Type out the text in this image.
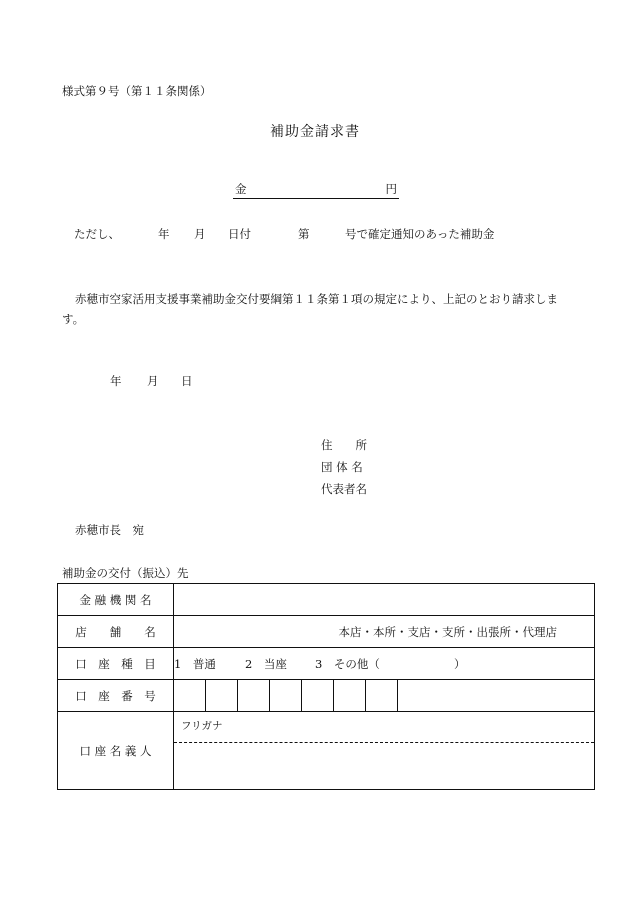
様式第９号（第１１条関係）
補助金請求書
金	円
ただし、	年 月 日付	第	号で確定通知のあった補助金
赤穂市空家活用支援事業補助金交付要綱第１１条第１項の規定により、上記のとおり請求します。
年 月 日
住　　所
団 体 名
代表者名
赤穂市長　宛
補助金の交付（振込）先
金 融 機 関 名	
店　　舗　　名	本店・本所・支店・支所・出張所・代理店
口　座　種　目	1　普通 2　当座 3　その他（ ）
口　座　番　号	

口 座 名 義 人	フリガナ
